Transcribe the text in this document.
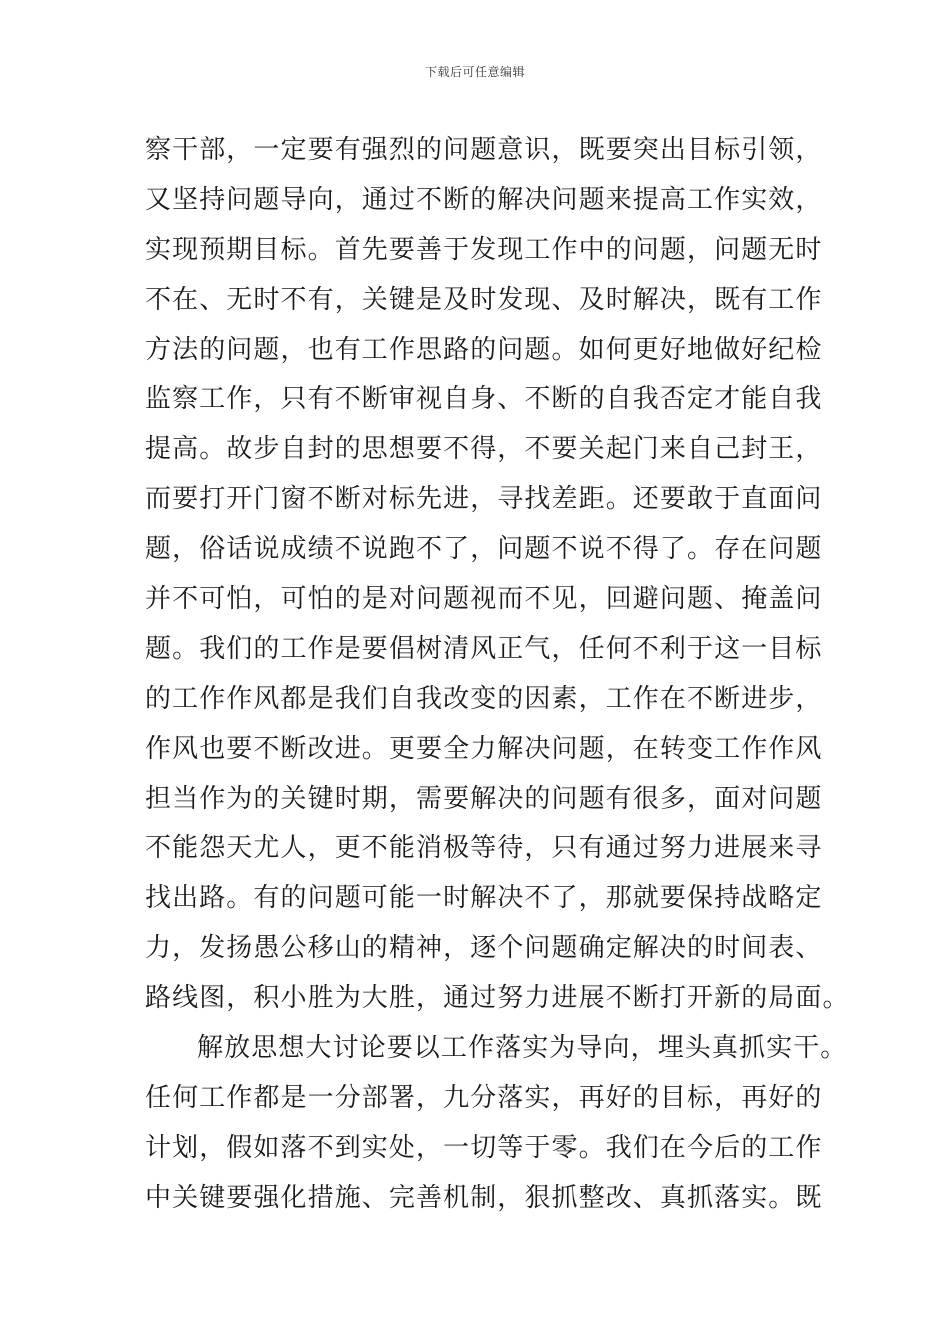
下载后可任意编辑
察干部，一定要有强烈的问题意识，既要突出目标引领，
又坚持问题导向，通过不断的解决问题来提高工作实效，
实现预期目标。首先要善于发现工作中的问题，问题无时
不在、无时不有，关键是及时发现、及时解决，既有工作
方法的问题，也有工作思路的问题。如何更好地做好纪检
监察工作，只有不断审视自身、不断的自我否定才能自我
提高。故步自封的思想要不得，不要关起门来自己封王，
而要打开门窗不断对标先进，寻找差距。还要敢于直面问
题，俗话说成绩不说跑不了，问题不说不得了。存在问题
并不可怕，可怕的是对问题视而不见，回避问题、掩盖问
题。我们的工作是要倡树清风正气，任何不利于这一目标
的工作作风都是我们自我改变的因素，工作在不断进步，
作风也要不断改进。更要全力解决问题，在转变工作作风
担当作为的关键时期，需要解决的问题有很多，面对问题
不能怨天尤人，更不能消极等待，只有通过努力进展来寻
找出路。有的问题可能一时解决不了，那就要保持战略定
力，发扬愚公移山的精神，逐个问题确定解决的时间表、
路线图，积小胜为大胜，通过努力进展不断打开新的局面。
解放思想大讨论要以工作落实为导向，埋头真抓实干。
任何工作都是一分部署，九分落实，再好的目标，再好的
计划，假如落不到实处，一切等于零。我们在今后的工作
中关键要强化措施、完善机制，狠抓整改、真抓落实。既
